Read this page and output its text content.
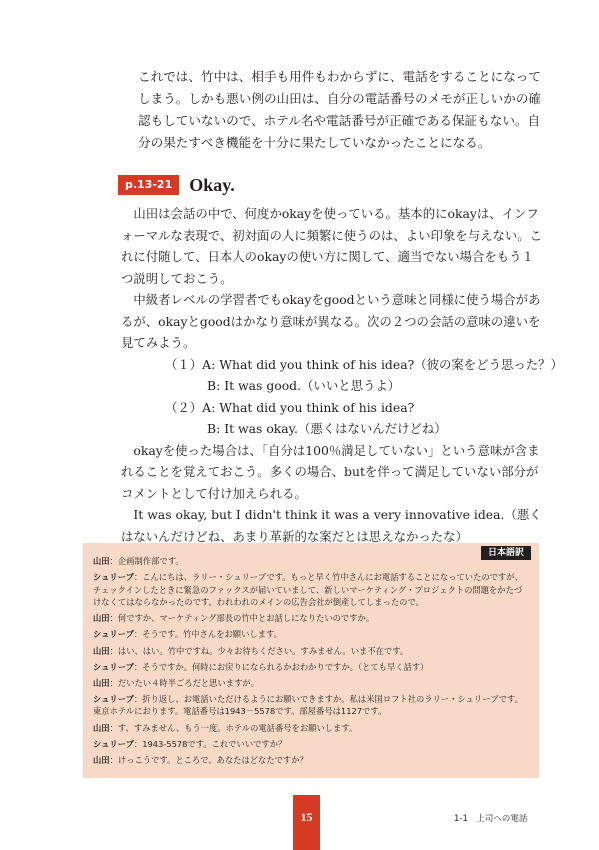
これでは、竹中は、相手も用件もわからずに、電話をすることになってしまう。しかも悪い例の山田は、自分の電話番号のメモが正しいかの確認もしていないので、ホテル名や電話番号が正確である保証もない。自分の果たすべき機能を十分に果たしていなかったことになる。

p.13-21 Okay.

山田は会話の中で、何度かokayを使っている。基本的にokayは、インフォーマルな表現で、初対面の人に頻繁に使うのは、よい印象を与えない。これに付随して、日本人のokayの使い方に関して、適当でない場合をもう１つ説明しておこう。

中級者レベルの学習者でもokayをgoodという意味と同様に使う場合があるが、okayとgoodはかなり意味が異なる。次の２つの会話の意味の違いを見てみよう。

（１）A: What did you think of his idea?（彼の案をどう思った？）

B: It was good.（いいと思うよ）

（２）A: What did you think of his idea?

B: It was okay.（悪くはないんだけどね）

okayを使った場合は、「自分は100％満足していない」という意味が含まれることを覚えておこう。多くの場合、butを伴って満足していない部分がコメントとして付け加えられる。

It was okay, but I didn't think it was a very innovative idea.（悪くはないんだけどね、あまり革新的な案だとは思えなかったな）

日本語訳

山田：企画制作部です。

シュリーブ：こんにちは、ラリー・シュリーブです。もっと早く竹中さんにお電話することになっていたのですが、チェックインしたときに緊急のファックスが届いていまして、新しいマーケティング・プロジェクトの問題をかたづけなくてはならなかったのです。われわれのメインの広告会社が倒産してしまったので。

山田：何ですか、マーケティング部長の竹中とお話しになりたいのですか。

シュリーブ：そうです。竹中さんをお願いします。

山田：はい、はい。竹中ですね。少々お待ちください。すみません。いま不在です。

シュリーブ：そうですか。何時にお戻りになられるかおわかりですか。（とても早く話す）

山田：だいたい４時半ごろだと思いますが。

シュリーブ：折り返し、お電話いただけるようにお願いできますか。私は米国ロフト社のラリー・シュリーブです。東京ホテルにおります。電話番号は1943－5578です。部屋番号は1127です。

山田：す、すみません、もう一度。ホテルの電話番号をお願いします。

シュリーブ：1943-5578です。これでいいですか？

山田：けっこうです。ところで、あなたはどなたですか？

15	1-1　上司への電話
